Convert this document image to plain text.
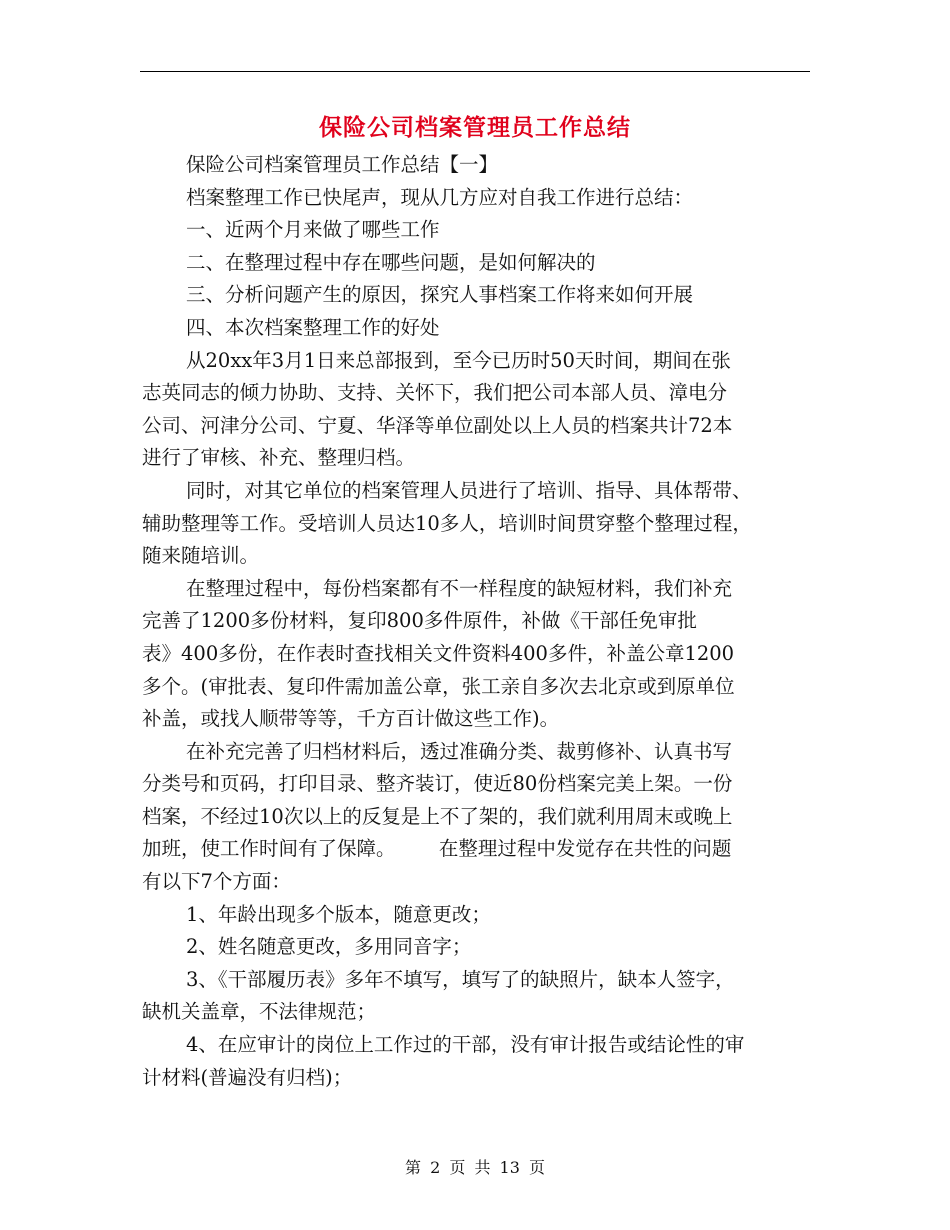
保险公司档案管理员工作总结
保险公司档案管理员工作总结【一】
档案整理工作已快尾声，现从几方应对自我工作进行总结：
一、近两个月来做了哪些工作
二、在整理过程中存在哪些问题，是如何解决的
三、分析问题产生的原因，探究人事档案工作将来如何开展
四、本次档案整理工作的好处
从20xx年3月1日来总部报到，至今已历时50天时间，期间在张
志英同志的倾力协助、支持、关怀下，我们把公司本部人员、漳电分
公司、河津分公司、宁夏、华泽等单位副处以上人员的档案共计72本
进行了审核、补充、整理归档。
同时，对其它单位的档案管理人员进行了培训、指导、具体帮带、
辅助整理等工作。受培训人员达10多人，培训时间贯穿整个整理过程，
随来随培训。
在整理过程中，每份档案都有不一样程度的缺短材料，我们补充
完善了1200多份材料，复印800多件原件，补做《干部任免审批
表》400多份，在作表时查找相关文件资料400多件，补盖公章1200
多个。(审批表、复印件需加盖公章，张工亲自多次去北京或到原单位
补盖，或找人顺带等等，千方百计做这些工作)。
在补充完善了归档材料后，透过准确分类、裁剪修补、认真书写
分类号和页码，打印目录、整齐装订，使近80份档案完美上架。一份
档案，不经过10次以上的反复是上不了架的，我们就利用周末或晚上
加班，使工作时间有了保障。       在整理过程中发觉存在共性的问题
有以下7个方面：
1、年龄出现多个版本，随意更改；
2、姓名随意更改，多用同音字；
3、《干部履历表》多年不填写，填写了的缺照片，缺本人签字，
缺机关盖章，不法律规范；
4、在应审计的岗位上工作过的干部，没有审计报告或结论性的审
计材料(普遍没有归档)；
第 2 页 共 13 页
